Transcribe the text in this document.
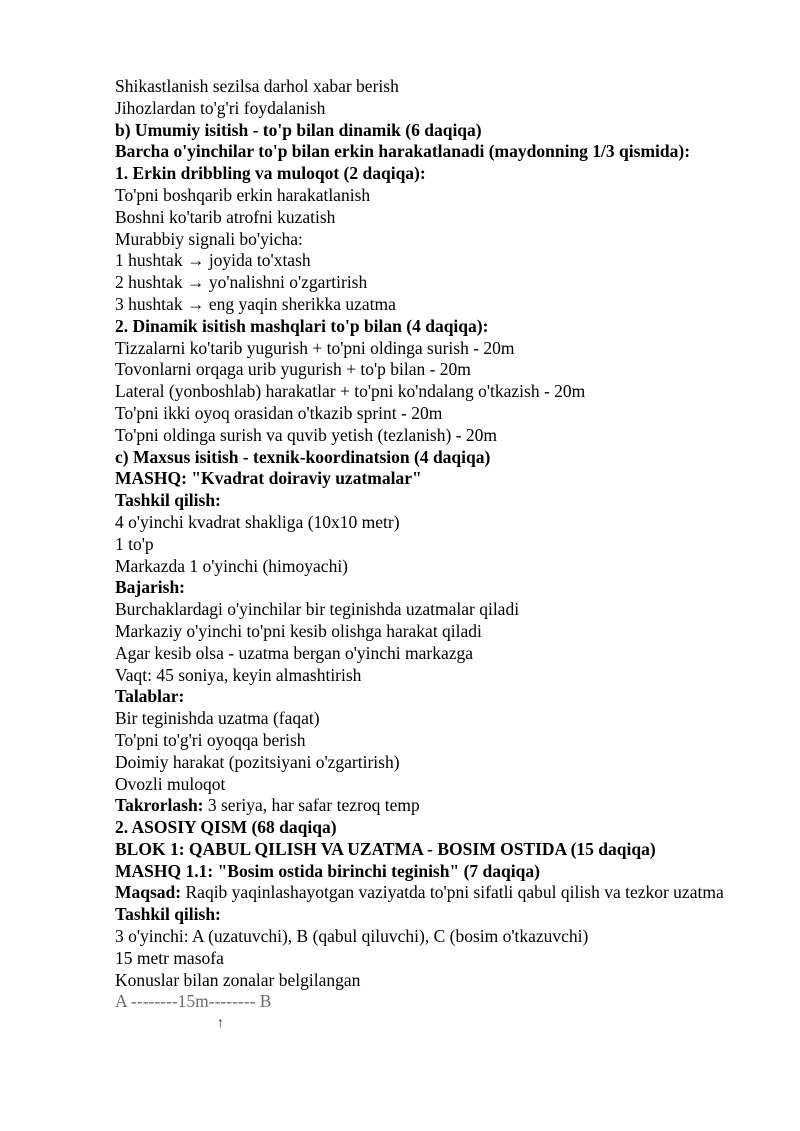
Shikastlanish sezilsa darhol xabar berish
Jihozlardan to'g'ri foydalanish
b) Umumiy isitish - to'p bilan dinamik (6 daqiqa)
Barcha o'yinchilar to'p bilan erkin harakatlanadi (maydonning 1/3 qismida):
1. Erkin dribbling va muloqot (2 daqiqa):
To'pni boshqarib erkin harakatlanish
Boshni ko'tarib atrofni kuzatish
Murabbiy signali bo'yicha:
1 hushtak → joyida to'xtash
2 hushtak → yo'nalishni o'zgartirish
3 hushtak → eng yaqin sherikka uzatma
2. Dinamik isitish mashqlari to'p bilan (4 daqiqa):
Tizzalarni ko'tarib yugurish + to'pni oldinga surish - 20m
Tovonlarni orqaga urib yugurish + to'p bilan - 20m
Lateral (yonboshlab) harakatlar + to'pni ko'ndalang o'tkazish - 20m
To'pni ikki oyoq orasidan o'tkazib sprint - 20m
To'pni oldinga surish va quvib yetish (tezlanish) - 20m
c) Maxsus isitish - texnik-koordinatsion (4 daqiqa)
MASHQ: "Kvadrat doiraviy uzatmalar"
Tashkil qilish:
4 o'yinchi kvadrat shakliga (10x10 metr)
1 to'p
Markazda 1 o'yinchi (himoyachi)
Bajarish:
Burchaklardagi o'yinchilar bir teginishda uzatmalar qiladi
Markaziy o'yinchi to'pni kesib olishga harakat qiladi
Agar kesib olsa - uzatma bergan o'yinchi markazga
Vaqt: 45 soniya, keyin almashtirish
Talablar:
Bir teginishda uzatma (faqat)
To'pni to'g'ri oyoqqa berish
Doimiy harakat (pozitsiyani o'zgartirish)
Ovozli muloqot
Takrorlash: 3 seriya, har safar tezroq temp
2. ASOSIY QISM (68 daqiqa)
BLOK 1: QABUL QILISH VA UZATMA - BOSIM OSTIDA (15 daqiqa)
MASHQ 1.1: "Bosim ostida birinchi teginish" (7 daqiqa)
Maqsad: Raqib yaqinlashayotgan vaziyatda to'pni sifatli qabul qilish va tezkor uzatma
Tashkil qilish:
3 o'yinchi: A (uzatuvchi), B (qabul qiluvchi), C (bosim o'tkazuvchi)
15 metr masofa
Konuslar bilan zonalar belgilangan
A --------15m-------- B
↑
